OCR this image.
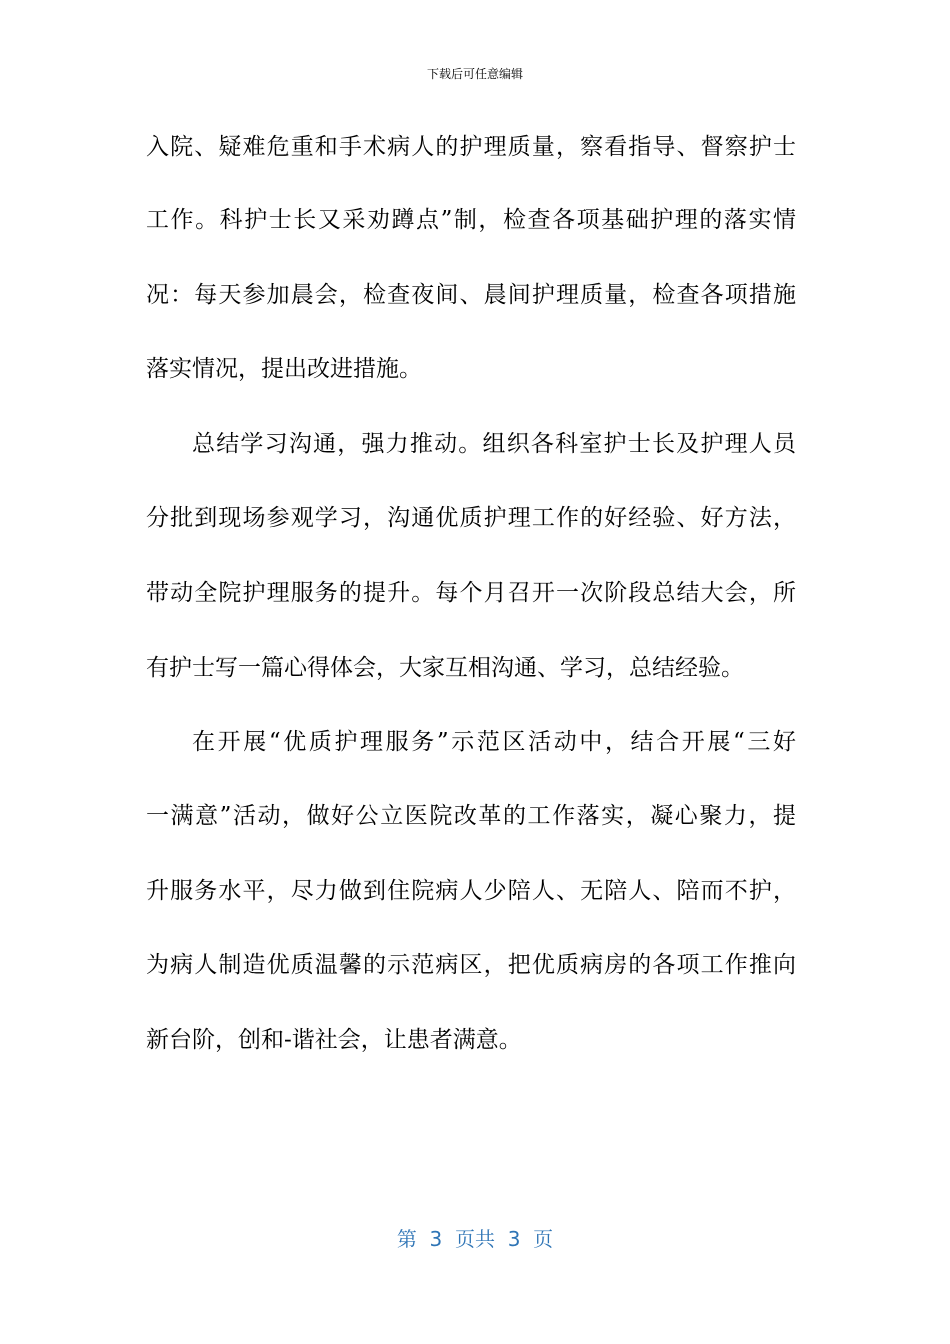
下载后可任意编辑
入院、疑难危重和手术病人的护理质量，察看指导、督察护士
工作。科护士长又采劝蹲点”制，检查各项基础护理的落实情
况：每天参加晨会，检查夜间、晨间护理质量，检查各项措施
落实情况，提出改进措施。
总结学习沟通，强力推动。组织各科室护士长及护理人员
分批到现场参观学习，沟通优质护理工作的好经验、好方法，
带动全院护理服务的提升。每个月召开一次阶段总结大会，所
有护士写一篇心得体会，大家互相沟通、学习，总结经验。
在开展“优质护理服务”示范区活动中，结合开展“三好
一满意”活动，做好公立医院改革的工作落实，凝心聚力，提
升服务水平，尽力做到住院病人少陪人、无陪人、陪而不护，
为病人制造优质温馨的示范病区，把优质病房的各项工作推向
新台阶，创和-谐社会，让患者满意。
第  3  页共  3  页
